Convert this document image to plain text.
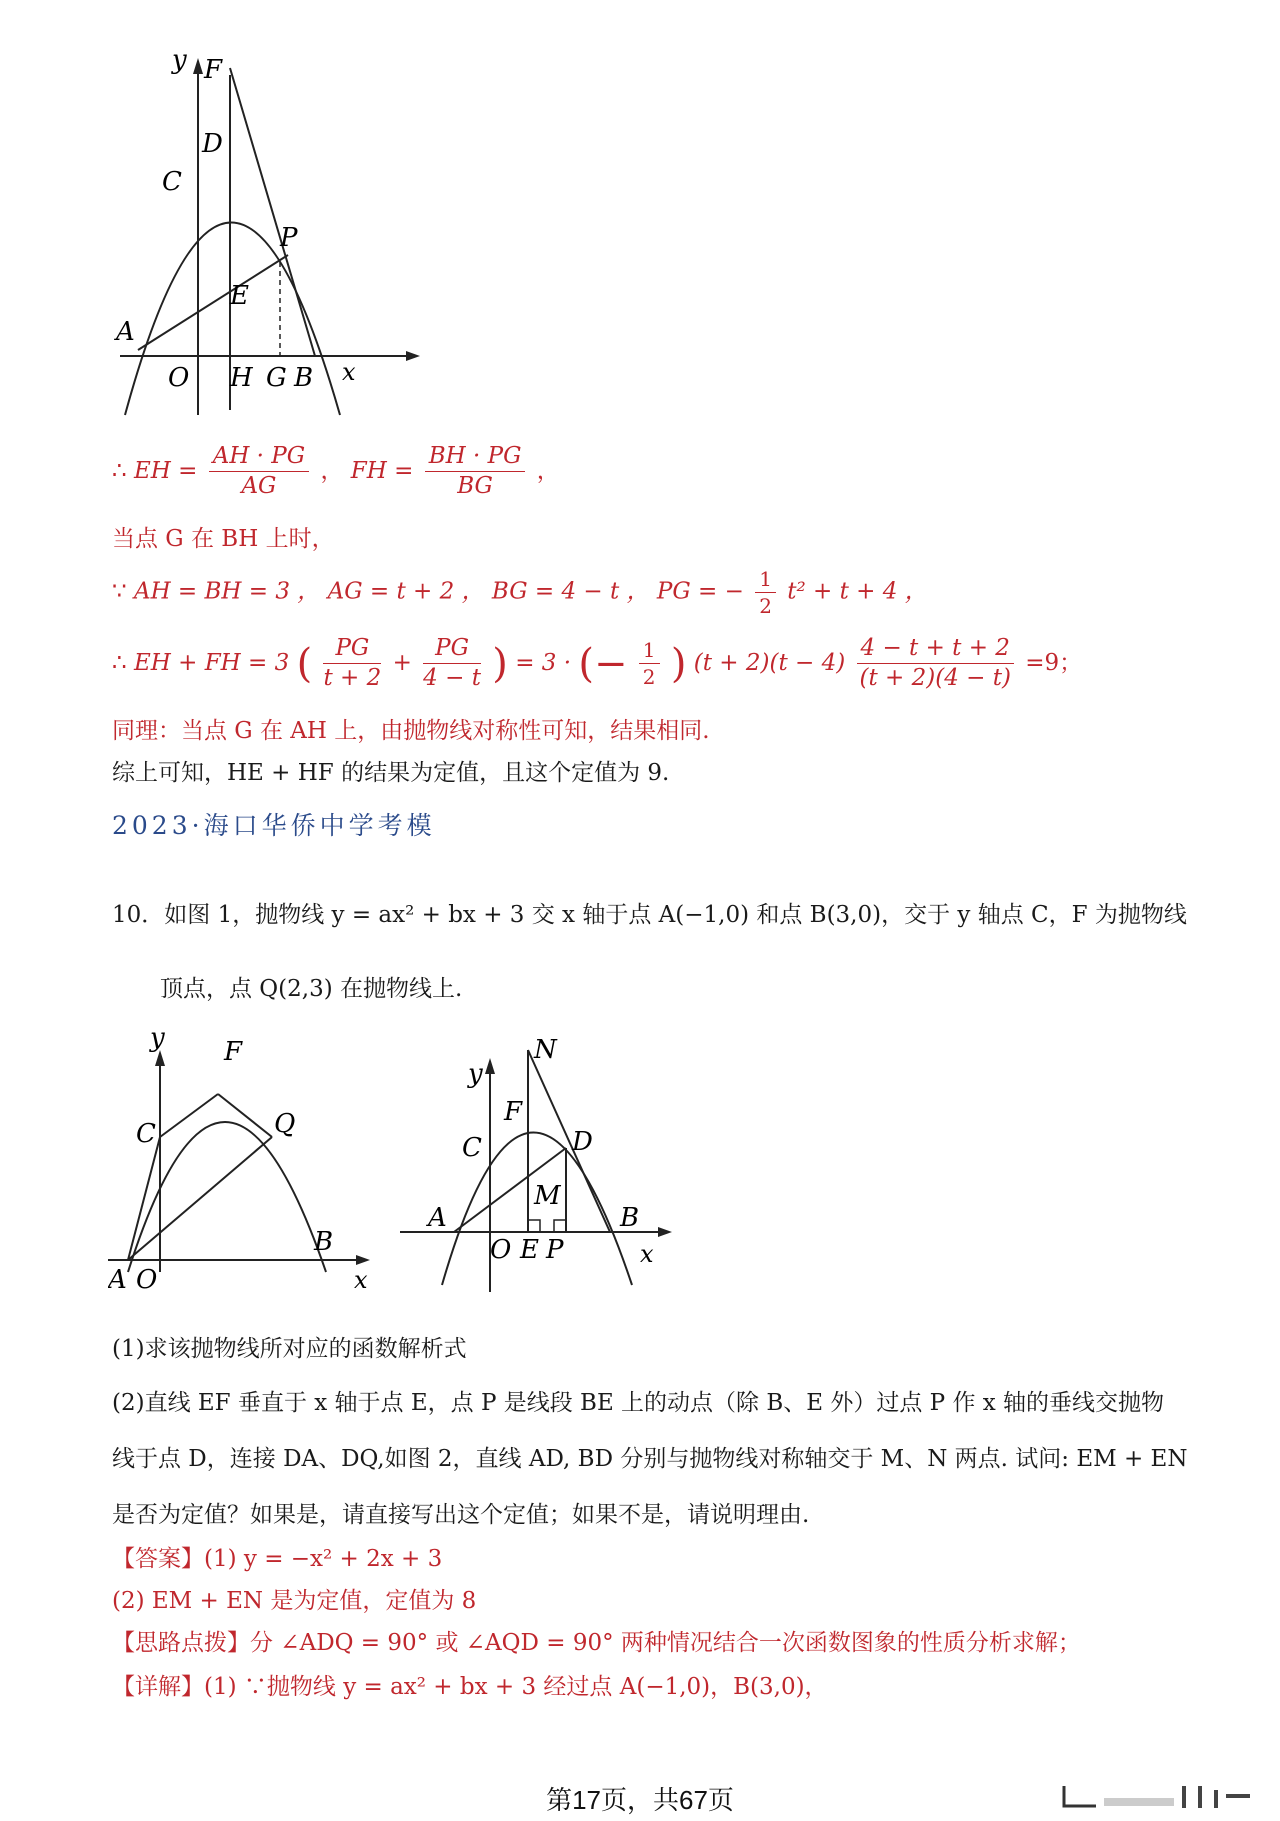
y F
D
C
P
E
A
O H G B x
∴ EH = $\frac{AH \cdot PG}{AG}$ ， FH = $\frac{BH \cdot PG}{BG}$ ，
当点 G 在 BH 上时，
∵ AH = BH = 3 ， AG = t + 2 ， BG = 4 − t ， PG = − $\frac{1}{2} t^2 + t + 4$ ，
∴ EH + FH = 3 ( $\frac{PG}{t + 2} + \frac{PG}{4 - t}$ ) = 3 · (− $\frac{1}{2}$ ) $(t + 2)(t - 4) \frac{4 - t + t + 2}{(t + 2)(4 - t)} =9$；
同理：当点 G 在 AH 上，由抛物线对称性可知，结果相同.
综上可知，HE + HF 的结果为定值，且这个定值为 9.
2023·海口华侨中学考模
10．如图 1，抛物线 y = ax² + bx + 3 交 x 轴于点 A(−1,0) 和点 B(3,0)，交于 y 轴点 C，F 为抛物线
顶点，点 Q(2,3) 在抛物线上.
y F
C	Q
B
A O	x
y
N
F
C	D
M
A	B
O E P	x
(1)求该抛物线所对应的函数解析式
(2)直线 EF 垂直于 x 轴于点 E，点 P 是线段 BE 上的动点（除 B、E 外）过点 P 作 x 轴的垂线交抛物
线于点 D，连接 DA、DQ,如图 2，直线 AD, BD 分别与抛物线对称轴交于 M、N 两点. 试问: EM + EN
是否为定值？如果是，请直接写出这个定值；如果不是，请说明理由.
【答案】(1) y = −x² + 2x + 3
(2) EM + EN 是为定值，定值为 8
【思路点拨】分 ∠ADQ = 90° 或 ∠AQD = 90° 两种情况结合一次函数图象的性质分析求解；
【详解】(1) ∵抛物线 y = ax² + bx + 3 经过点 A(−1,0)，B(3,0)，
第17页，共67页
